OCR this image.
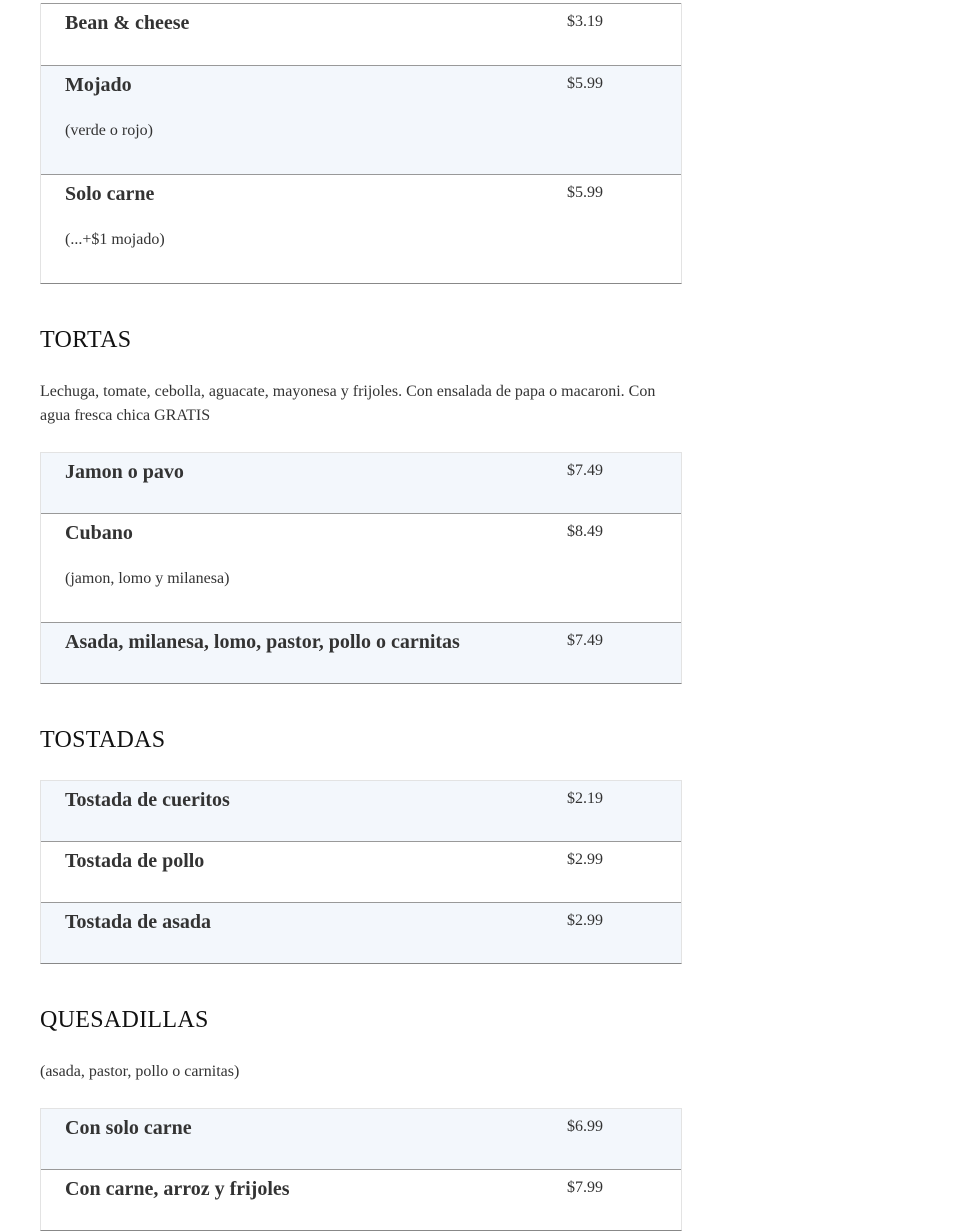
Bean & cheese	$3.19
Mojado	$5.99
(verde o rojo)
Solo carne	$5.99
(...+$1 mojado)
TORTAS

Lechuga, tomate, cebolla, aguacate, mayonesa y frijoles. Con ensalada de papa o macaroni. Con agua fresca chica GRATIS

Jamon o pavo	$7.49
Cubano	$8.49
(jamon, lomo y milanesa)
Asada, milanesa, lomo, pastor, pollo o carnitas	$7.49
TOSTADAS
Tostada de cueritos	$2.19
Tostada de pollo	$2.99
Tostada de asada	$2.99
QUESADILLAS

(asada, pastor, pollo o carnitas)

Con solo carne	$6.99
Con carne, arroz y frijoles	$7.99
